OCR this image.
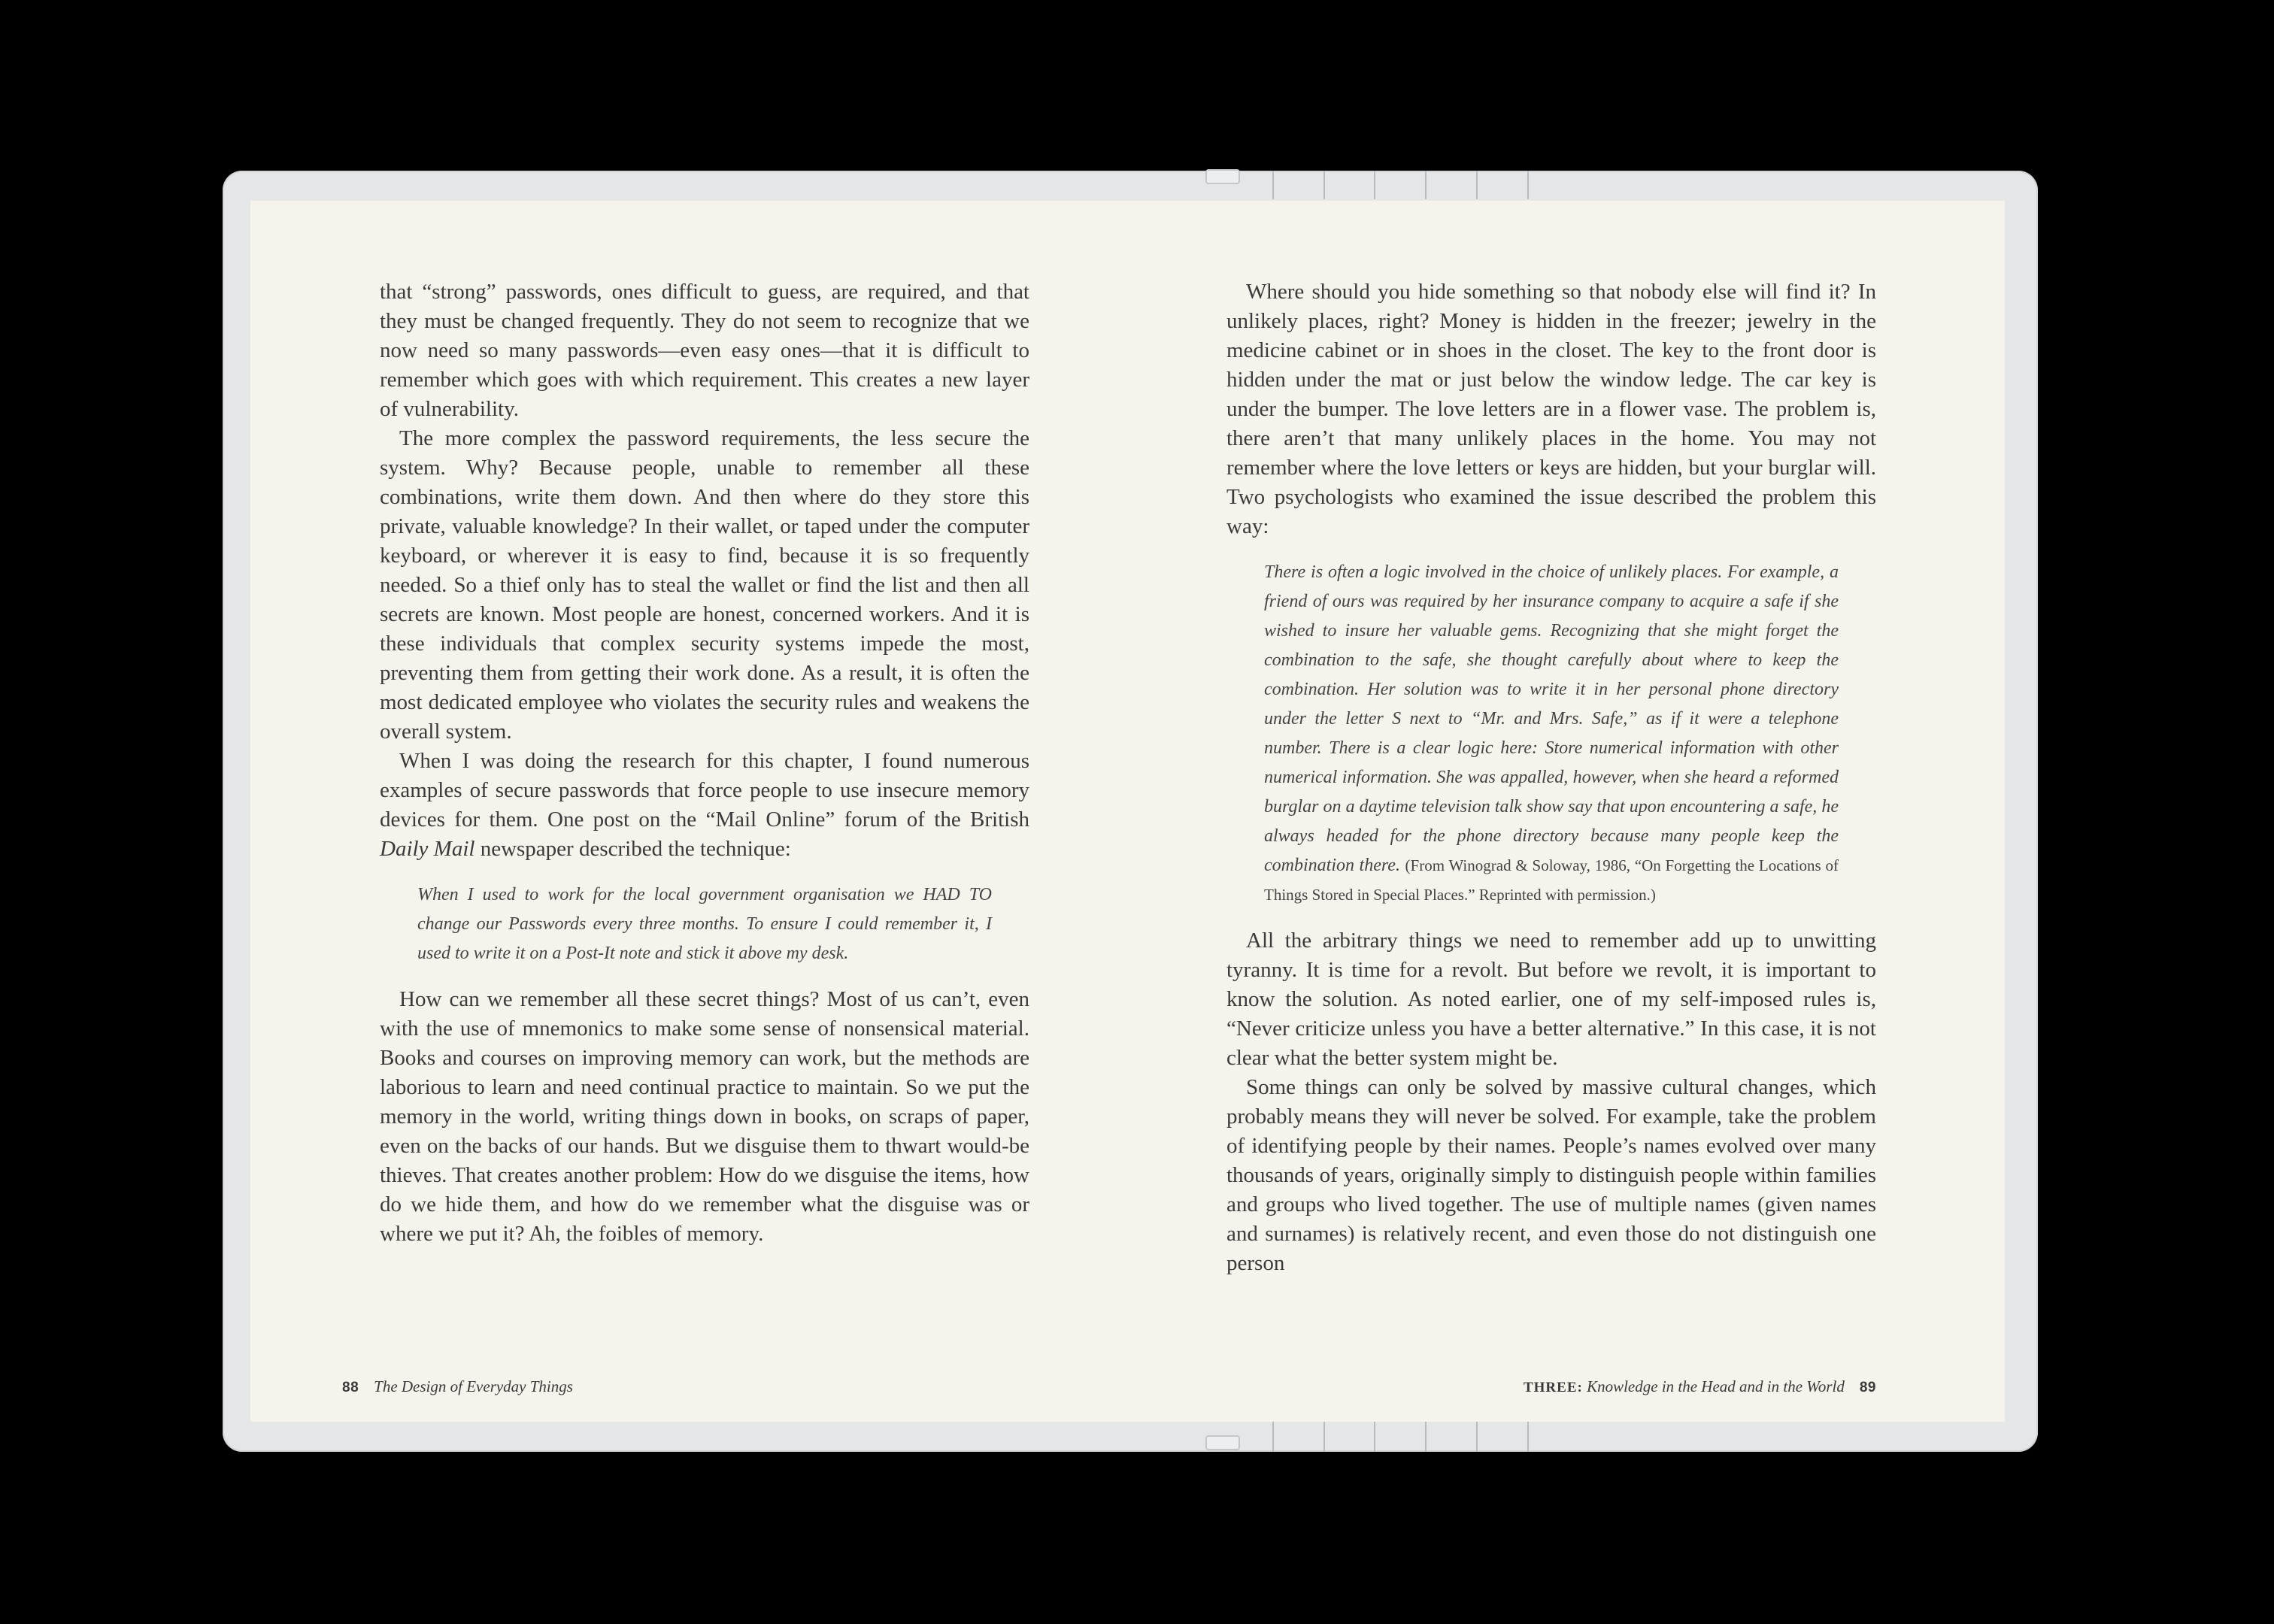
that “strong” passwords, ones difficult to guess, are required, and that they must be changed frequently. They do not seem to recognize that we now need so many passwords—even easy ones—that it is difficult to remember which goes with which requirement. This creates a new layer of vulnerability.

The more complex the password requirements, the less secure the system. Why? Because people, unable to remember all these combinations, write them down. And then where do they store this private, valuable knowledge? In their wallet, or taped under the computer keyboard, or wherever it is easy to find, because it is so frequently needed. So a thief only has to steal the wallet or find the list and then all secrets are known. Most people are honest, concerned workers. And it is these individuals that complex security systems impede the most, preventing them from getting their work done. As a result, it is often the most dedicated employee who violates the security rules and weakens the overall system.

When I was doing the research for this chapter, I found numerous examples of secure passwords that force people to use insecure memory devices for them. One post on the “Mail Online” forum of the British Daily Mail newspaper described the technique:

When I used to work for the local government organisation we HAD TO change our Passwords every three months. To ensure I could remember it, I used to write it on a Post-It note and stick it above my desk.

How can we remember all these secret things? Most of us can’t, even with the use of mnemonics to make some sense of nonsensical material. Books and courses on improving memory can work, but the methods are laborious to learn and need continual practice to maintain. So we put the memory in the world, writing things down in books, on scraps of paper, even on the backs of our hands. But we disguise them to thwart would-be thieves. That creates another problem: How do we disguise the items, how do we hide them, and how do we remember what the disguise was or where we put it? Ah, the foibles of memory.

88 The Design of Everyday Things

Where should you hide something so that nobody else will find it? In unlikely places, right? Money is hidden in the freezer; jewelry in the medicine cabinet or in shoes in the closet. The key to the front door is hidden under the mat or just below the window ledge. The car key is under the bumper. The love letters are in a flower vase. The problem is, there aren’t that many unlikely places in the home. You may not remember where the love letters or keys are hidden, but your burglar will. Two psychologists who examined the issue described the problem this way:

There is often a logic involved in the choice of unlikely places. For example, a friend of ours was required by her insurance company to acquire a safe if she wished to insure her valuable gems. Recognizing that she might forget the combination to the safe, she thought carefully about where to keep the combination. Her solution was to write it in her personal phone directory under the letter S next to “Mr. and Mrs. Safe,” as if it were a telephone number. There is a clear logic here: Store numerical information with other numerical information. She was appalled, however, when she heard a reformed burglar on a daytime television talk show say that upon encountering a safe, he always headed for the phone directory because many people keep the combination there. (From Winograd & Soloway, 1986, “On Forgetting the Locations of Things Stored in Special Places.” Reprinted with permission.)

All the arbitrary things we need to remember add up to unwitting tyranny. It is time for a revolt. But before we revolt, it is important to know the solution. As noted earlier, one of my self-imposed rules is, “Never criticize unless you have a better alternative.” In this case, it is not clear what the better system might be.

Some things can only be solved by massive cultural changes, which probably means they will never be solved. For example, take the problem of identifying people by their names. People’s names evolved over many thousands of years, originally simply to distinguish people within families and groups who lived together. The use of multiple names (given names and surnames) is relatively recent, and even those do not distinguish one person

THREE: Knowledge in the Head and in the World 89
